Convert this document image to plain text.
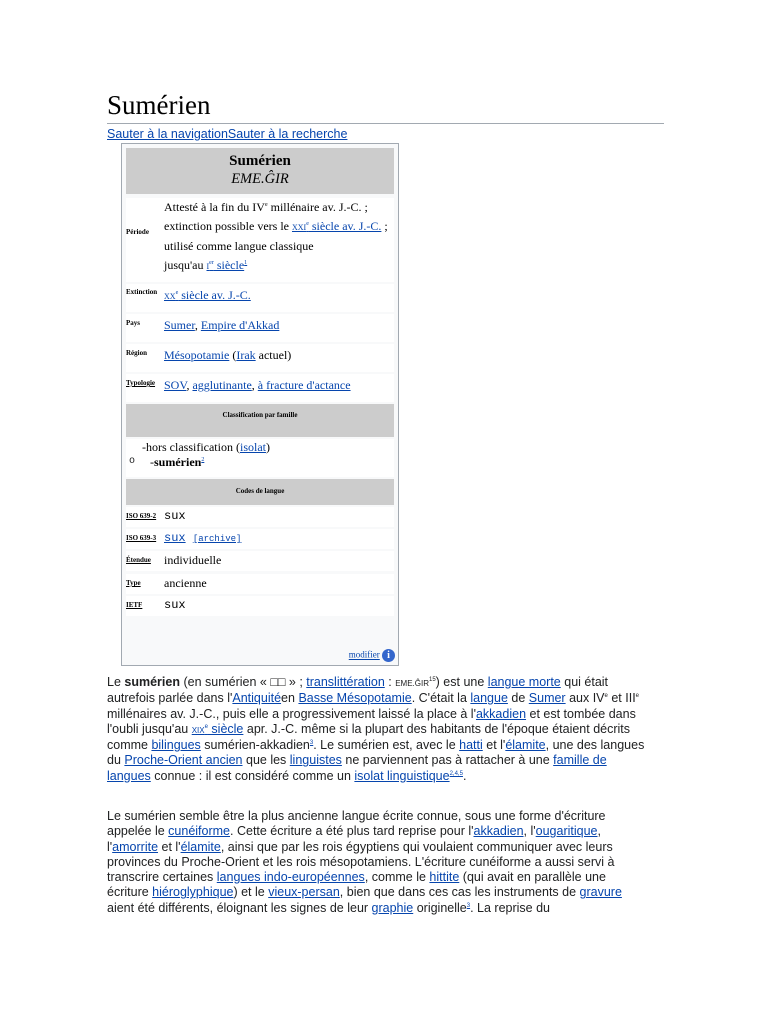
Sumérien
Sauter à la navigationSauter à la recherche
Sumérien
EME.ĜIR
Période
Attesté à la fin du IVe millénaire av. J.-C. ;
extinction possible vers le XXIe siècle av. J.-C. ;
utilisé comme langue classique
jusqu'au Ier siècle$^1$
Extinction XXe siècle av. J.-C.
Pays Sumer, Empire d'Akkad
Région Mésopotamie (Irak actuel)
Typologie SOV, agglutinante, à fracture d'actance
Classification par famille
-hors classification (isolat)
o -sumérien$^2$
Codes de langue
ISO 639-2 sux
ISO 639-3 sux [archive]
Étendue individuelle
Type ancienne
IETF sux
modifier i

Le sumérien (en sumérien « □□ » ; translittération : EME.ĜIR$^{15}$) est une langue morte qui était autrefois parlée dans l'Antiquitéen Basse Mésopotamie. C'était la langue de Sumer aux IVe et IIIe millénaires av. J.-C., puis elle a progressivement laissé la place à l'akkadien et est tombée dans l'oubli jusqu'au XIXe siècle apr. J.-C. même si la plupart des habitants de l'époque étaient décrits comme bilingues sumérien-akkadien$^3$. Le sumérien est, avec le hatti et l'élamite, une des langues du Proche-Orient ancien que les linguistes ne parviennent pas à rattacher à une famille de langues connue : il est considéré comme un isolat linguistique$^{2,4,5}$.

Le sumérien semble être la plus ancienne langue écrite connue, sous une forme d'écriture appelée le cunéiforme. Cette écriture a été plus tard reprise pour l'akkadien, l'ougaritique, l'amorrite et l'élamite, ainsi que par les rois égyptiens qui voulaient communiquer avec leurs provinces du Proche-Orient et les rois mésopotamiens. L'écriture cunéiforme a aussi servi à transcrire certaines langues indo-européennes, comme le hittite (qui avait en parallèle une écriture hiéroglyphique) et le vieux-persan, bien que dans ces cas les instruments de gravure aient été différents, éloignant les signes de leur graphie originelle$^3$. La reprise du
